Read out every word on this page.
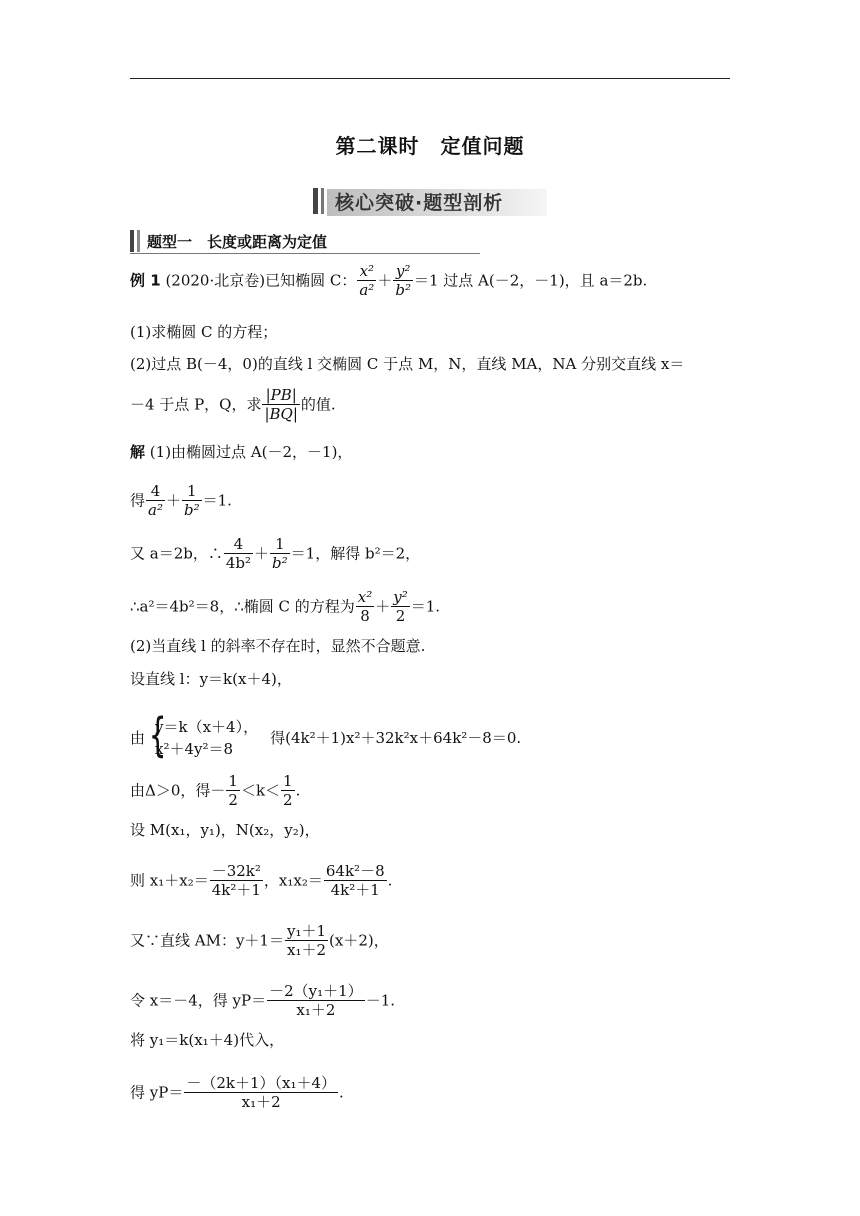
第二课时　定值问题
核心突破·题型剖析
题型一　长度或距离为定值
例 1 (2020·北京卷)已知椭圆 C： $\frac{\text{x²}}{\text{a²}} + \frac{\text{y²}}{\text{b²}} =1$ 过点 A(－2，－1)，且 a＝2b.
(1)求椭圆 C 的方程；
(2)过点 B(－4，0)的直线 l 交椭圆 C 于点 M，N，直线 MA，NA 分别交直线 x＝
－4 于点 P，Q，求 $\frac{|PB|}{|BQ|}$ 的值.
解 (1)由椭圆过点 A(－2，－1)，
得 $\frac{4}{\text{a²}} + \frac{1}{\text{b²}} =1$.
又 a＝2b，∴ $\frac{4}{\text{4b²}} + \frac{1}{\text{b²}} =1$，解得 b²＝2，
∴a²＝4b²＝8，∴椭圆 C 的方程为 $\frac{\text{x²}}{8} + \frac{\text{y²}}{2} =1$.
(2)当直线 l 的斜率不存在时，显然不合题意.
设直线 l：y＝k(x＋4)，
由 {
y＝k（x＋4），
x²＋4y²＝8
得(4k²＋1)x²＋32k²x＋64k²－8＝0.
由Δ＞0，得－ $\frac{1}{2} <k< \frac{1}{2}$ .
设 M(x₁，y₁)，N(x₂，y₂)，
则 $x_1+x_2= \frac{\text{－32k²}}{\text{4k²＋1}}$ ，$x_1x_2= \frac{\text{64k²－8}}{\text{4k²＋1}}$ .
又∵直线 AM：$y+1= \frac{\text{y₁＋1}}{\text{x₁＋2}} (x+2)$，
令 x＝－4，得 $yP= \frac{\text{－2（y₁＋1）}}{\text{x₁＋2}} -1$.
将 y₁＝k(x₁＋4)代入，
得 $yP= \frac{\text{－（2k＋1）（x₁＋4）}}{\text{x₁＋2}}$ .
